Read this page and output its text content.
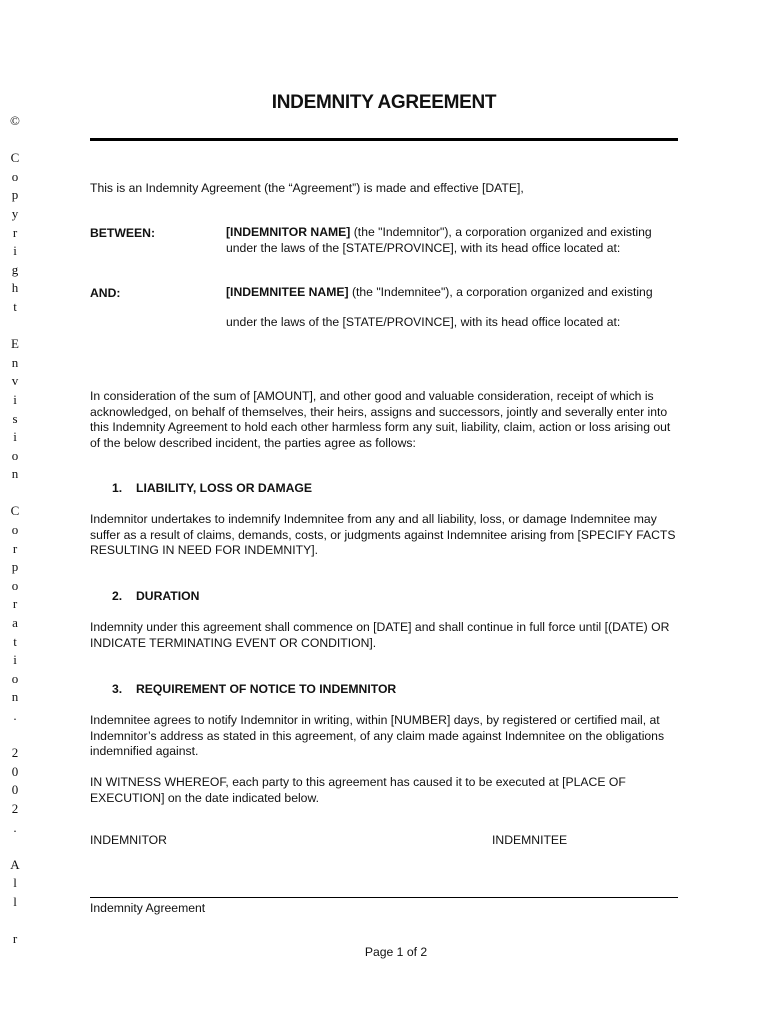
©
C
o
p
y
r
i
g
h
t
E
n
v
i
s
i
o
n
C
o
r
p
o
r
a
t
i
o
n
.
2
0
0
2
.
A
l
l
r
INDEMNITY AGREEMENT
This is an Indemnity Agreement (the “Agreement”) is made and effective [DATE],
BETWEEN:	[INDEMNITOR NAME] (the "Indemnitor"), a corporation organized and existing
under the laws of the [STATE/PROVINCE], with its head office located at:
AND:	[INDEMNITEE NAME] (the "Indemnitee"), a corporation organized and existing
under the laws of the [STATE/PROVINCE], with its head office located at:
In consideration of the sum of [AMOUNT], and other good and valuable consideration, receipt of which is acknowledged, on behalf of themselves, their heirs, assigns and successors, jointly and severally enter into this Indemnity Agreement to hold each other harmless form any suit, liability, claim, action or loss arising out of the below described incident, the parties agree as follows:
1. LIABILITY, LOSS OR DAMAGE
Indemnitor undertakes to indemnify Indemnitee from any and all liability, loss, or damage Indemnitee may suffer as a result of claims, demands, costs, or judgments against Indemnitee arising from [SPECIFY FACTS RESULTING IN NEED FOR INDEMNITY].
2. DURATION
Indemnity under this agreement shall commence on [DATE] and shall continue in full force until [(DATE) OR INDICATE TERMINATING EVENT OR CONDITION].
3. REQUIREMENT OF NOTICE TO INDEMNITOR
Indemnitee agrees to notify Indemnitor in writing, within [NUMBER] days, by registered or certified mail, at Indemnitor’s address as stated in this agreement, of any claim made against Indemnitee on the obligations indemnified against.
IN WITNESS WHEREOF, each party to this agreement has caused it to be executed at [PLACE OF EXECUTION] on the date indicated below.
INDEMNITOR	INDEMNITEE
Indemnity Agreement
Page 1 of 2
